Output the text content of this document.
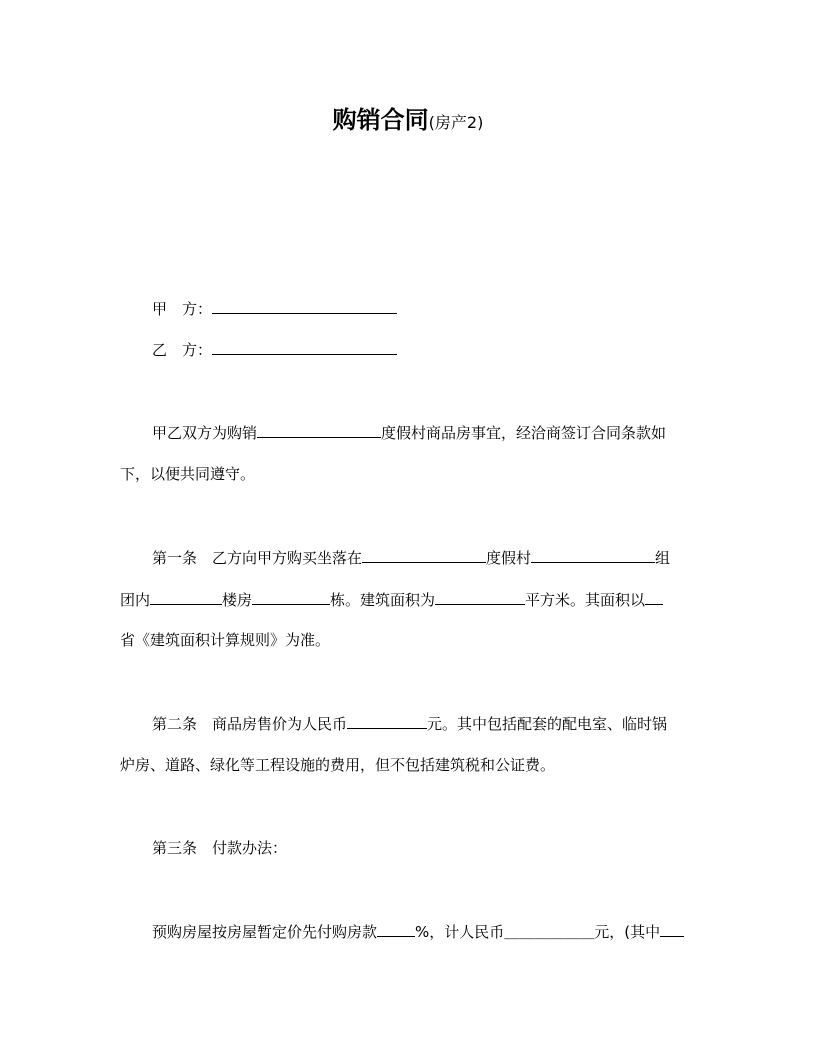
购销合同(房产2)
甲　方：
乙　方：
甲乙双方为购销	度假村商品房事宜，经洽商签订合同条款如
下，以便共同遵守。
第一条　乙方向甲方购买坐落在	度假村	组
团内	楼房	栋。建筑面积为	平方米。其面积以
省《建筑面积计算规则》为准。
第二条　商品房售价为人民币	元。其中包括配套的配电室、临时锅
炉房、道路、绿化等工程设施的费用，但不包括建筑税和公证费。
第三条　付款办法：
预购房屋按房屋暂定价先付购房款	%，计人民币＿＿＿＿＿＿元，(其中
